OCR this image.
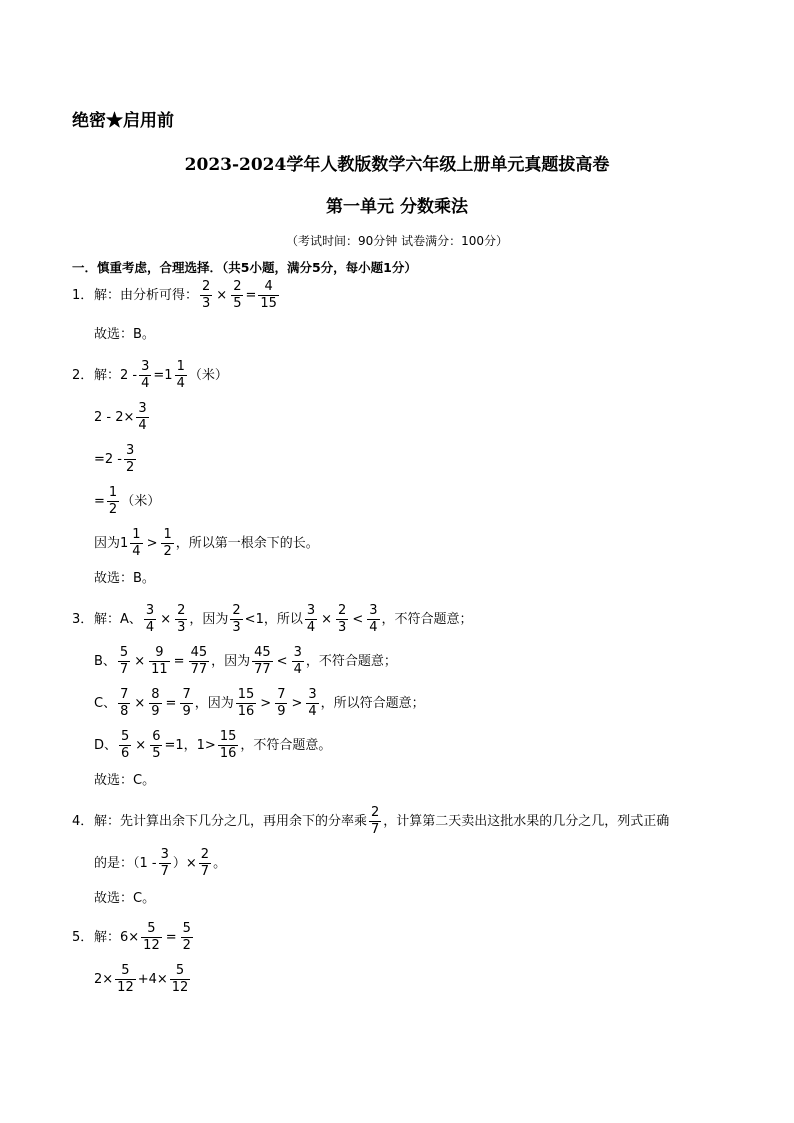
绝密★启用前
2023-2024学年人教版数学六年级上册单元真题拔高卷
第一单元 分数乘法
（考试时间：90分钟 试卷满分：100分）
一．慎重考虑，合理选择．（共5小题，满分5分，每小题1分）
1． 解：由分析可得： $\frac{2}{3} \times \frac{2}{5} = \frac{4}{15}$
故选：B。
2． 解：$2 - \frac{3}{4} =1 \frac{1}{4}$ （米）
$2 - 2\times \frac{3}{4}$
$=2 - \frac{3}{2}$
= $\frac{1}{2}$ （米）
因为$1 \frac{1}{4} > \frac{1}{2}$ ，所以第一根余下的长。
故选：B。
3． 解：A、 $\frac{3}{4} \times \frac{2}{3}$ ，因为 $\frac{2}{3} <1$，所以 $\frac{3}{4} \times \frac{2}{3} < \frac{3}{4}$ ，不符合题意；
B、 $\frac{5}{7} \times \frac{9}{11} = \frac{45}{77}$ ，因为 $\frac{45}{77} < \frac{3}{4}$ ，不符合题意；
C、 $\frac{7}{8} \times \frac{8}{9} = \frac{7}{9}$ ，因为 $\frac{15}{16} > \frac{7}{9} > \frac{3}{4}$ ，所以符合题意；
D、 $\frac{5}{6} \times \frac{6}{5} =1$，$1> \frac{15}{16}$ ，不符合题意。
故选：C。
4． 解：先计算出余下几分之几，再用余下的分率乘 $\frac{2}{7}$ ，计算第二天卖出这批水果的几分之几，列式正确
的是：（$1 - \frac{3}{7}$ ）× $\frac{2}{7}$ 。
故选：C。
5． 解：$6\times \frac{5}{12} = \frac{5}{2}$
$2\times \frac{5}{12} +4\times \frac{5}{12}$
